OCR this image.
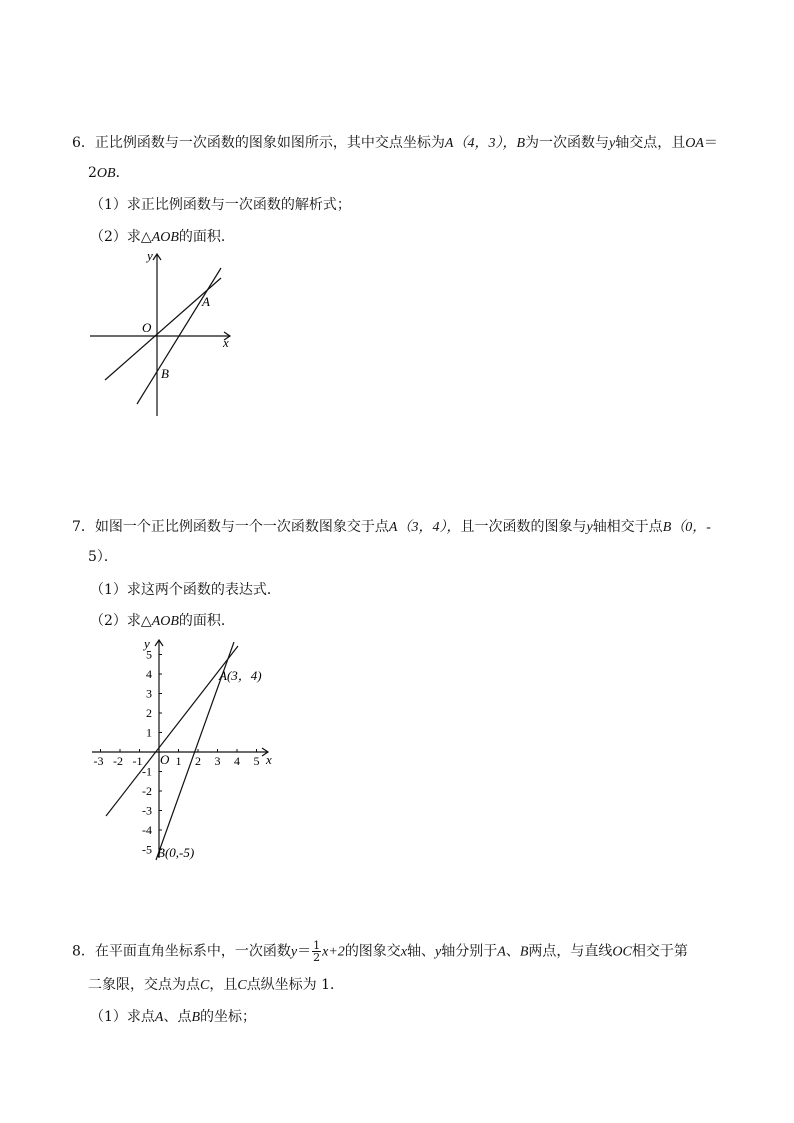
6．正比例函数与一次函数的图象如图所示，其中交点坐标为A（4，3），B为一次函数与y轴交点，且OA＝
2OB．
（1）求正比例函数与一次函数的解析式；
（2）求△AOB的面积．
y
x
O
A
B
7．如图一个正比例函数与一个一次函数图象交于点A（3，4），且一次函数的图象与y轴相交于点B（0，-
5）．
（1）求这两个函数的表达式．
（2）求△AOB的面积．
y
x
O
A(3，4)
B(0,-5)
-3 -2 -1	1 2 3 4 5
5
4
3
2
1
-1
-2
-3
-4
-5
8．在平面直角坐标系中，一次函数$y= \frac{1}{2} x+2$的图象交x轴、y轴分别于A、B两点，与直线OC相交于第
二象限，交点为点C，且C点纵坐标为 1．
（1）求点A、点B的坐标；
